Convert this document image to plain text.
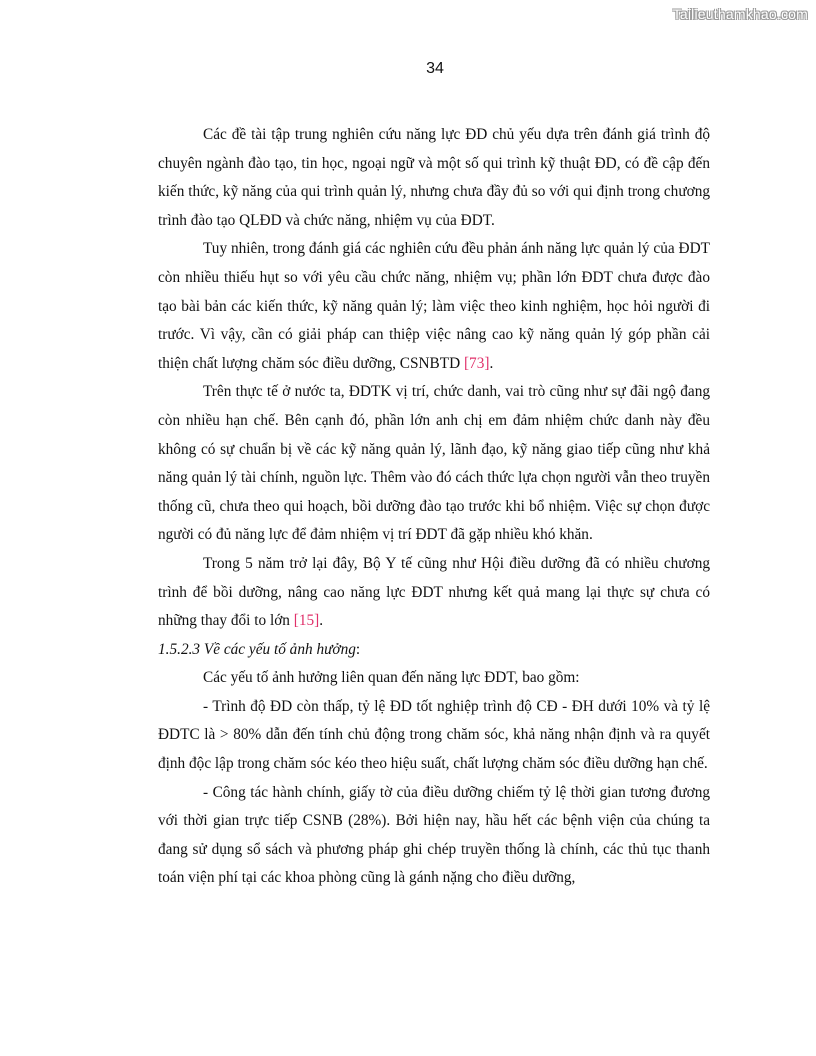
Tailieuthamkhao.com
34

Các đề tài tập trung nghiên cứu năng lực ĐD chủ yếu dựa trên đánh giá trình độ chuyên ngành đào tạo, tin học, ngoại ngữ và một số qui trình kỹ thuật ĐD, có đề cập đến kiến thức, kỹ năng của qui trình quản lý, nhưng chưa đầy đủ so với qui định trong chương trình đào tạo QLĐD và chức năng, nhiệm vụ của ĐDT.

Tuy nhiên, trong đánh giá các nghiên cứu đều phản ánh năng lực quản lý của ĐDT còn nhiều thiếu hụt so với yêu cầu chức năng, nhiệm vụ; phần lớn ĐDT chưa được đào tạo bài bản các kiến thức, kỹ năng quản lý; làm việc theo kinh nghiệm, học hỏi người đi trước. Vì vậy, cần có giải pháp can thiệp việc nâng cao kỹ năng quản lý góp phần cải thiện chất lượng chăm sóc điều dưỡng, CSNBTD [73].

Trên thực tế ở nước ta, ĐDTK vị trí, chức danh, vai trò cũng như sự đãi ngộ đang còn nhiều hạn chế. Bên cạnh đó, phần lớn anh chị em đảm nhiệm chức danh này đều không có sự chuẩn bị về các kỹ năng quản lý, lãnh đạo, kỹ năng giao tiếp cũng như khả năng quản lý tài chính, nguồn lực. Thêm vào đó cách thức lựa chọn người vẫn theo truyền thống cũ, chưa theo qui hoạch, bồi dưỡng đào tạo trước khi bổ nhiệm. Việc sự chọn được người có đủ năng lực để đảm nhiệm vị trí ĐDT đã gặp nhiều khó khăn.

Trong 5 năm trở lại đây, Bộ Y tế cũng như Hội điều dưỡng đã có nhiều chương trình để bồi dưỡng, nâng cao năng lực ĐDT nhưng kết quả mang lại thực sự chưa có những thay đổi to lớn [15].

1.5.2.3 Về các yếu tố ảnh hưởng:

Các yếu tố ảnh hưởng liên quan đến năng lực ĐDT, bao gồm:

- Trình độ ĐD còn thấp, tỷ lệ ĐD tốt nghiệp trình độ CĐ - ĐH dưới 10% và tỷ lệ ĐDTC là > 80% dẫn đến tính chủ động trong chăm sóc, khả năng nhận định và ra quyết định độc lập trong chăm sóc kéo theo hiệu suất, chất lượng chăm sóc điều dưỡng hạn chế.

- Công tác hành chính, giấy tờ của điều dưỡng chiếm tỷ lệ thời gian tương đương với thời gian trực tiếp CSNB (28%). Bởi hiện nay, hầu hết các bệnh viện của chúng ta đang sử dụng sổ sách và phương pháp ghi chép truyền thống là chính, các thủ tục thanh toán viện phí tại các khoa phòng cũng là gánh nặng cho điều dưỡng,
